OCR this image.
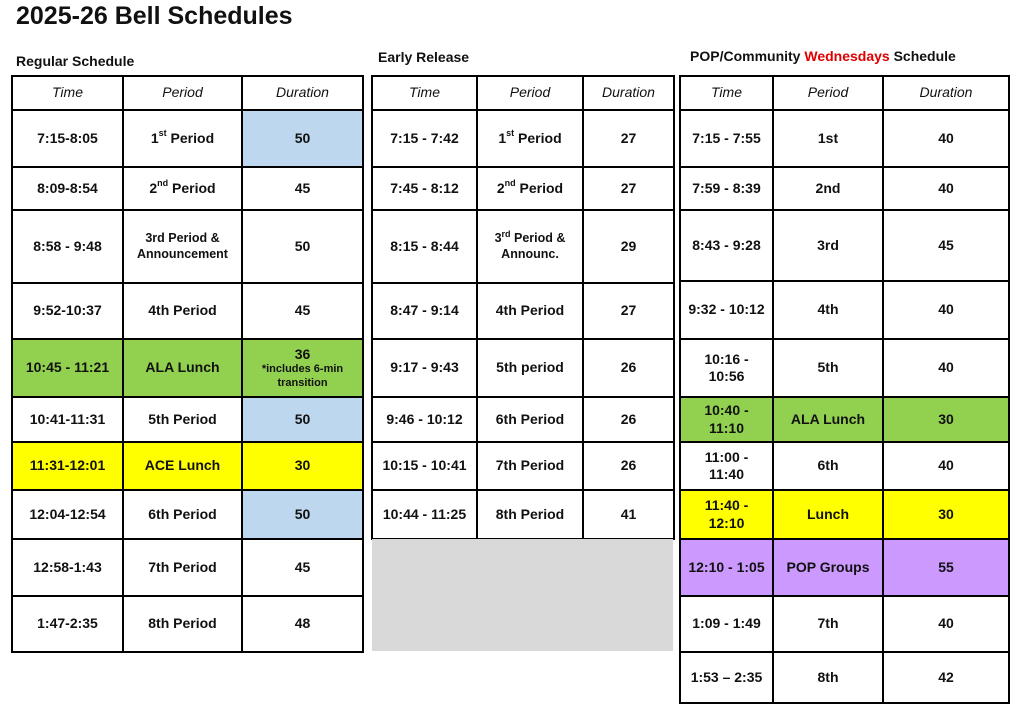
2025-26 Bell Schedules
Regular Schedule	Early Release	POP/Community Wednesdays Schedule
Time	Period	Duration
7:15-8:05	1st Period	50
8:09-8:54	2nd Period	45
8:58 - 9:48	3rd Period &
Announcement	50
9:52-10:37	4th Period	45
10:45 - 11:21	ALA Lunch	36
*includes 6-min transition

10:41-11:31	5th Period	50
11:31-12:01	ACE Lunch	30
12:04-12:54	6th Period	50
12:58-1:43	7th Period	45
1:47-2:35	8th Period	48
Time	Period	Duration
7:15 - 7:42	1st Period	27
7:45 - 8:12	2nd Period	27
8:15 - 8:44	3rd Period &
Announc.	29
8:47 - 9:14	4th Period	27
9:17 - 9:43	5th period	26
9:46 - 10:12	6th Period	26
10:15 - 10:41	7th Period	26
10:44 - 11:25	8th Period	41
Time	Period	Duration
7:15 - 7:55	1st	40
7:59 - 8:39	2nd	40
8:43 - 9:28	3rd	45
9:32 - 10:12	4th	40

10:16 -
10:56	5th	40

10:40 -
11:10	ALA Lunch	30

11:00 -
11:40	6th	40

11:40 -
12:10	Lunch	30
12:10 - 1:05	POP Groups	55
1:09 - 1:49	7th	40
1:53 – 2:35	8th	42
